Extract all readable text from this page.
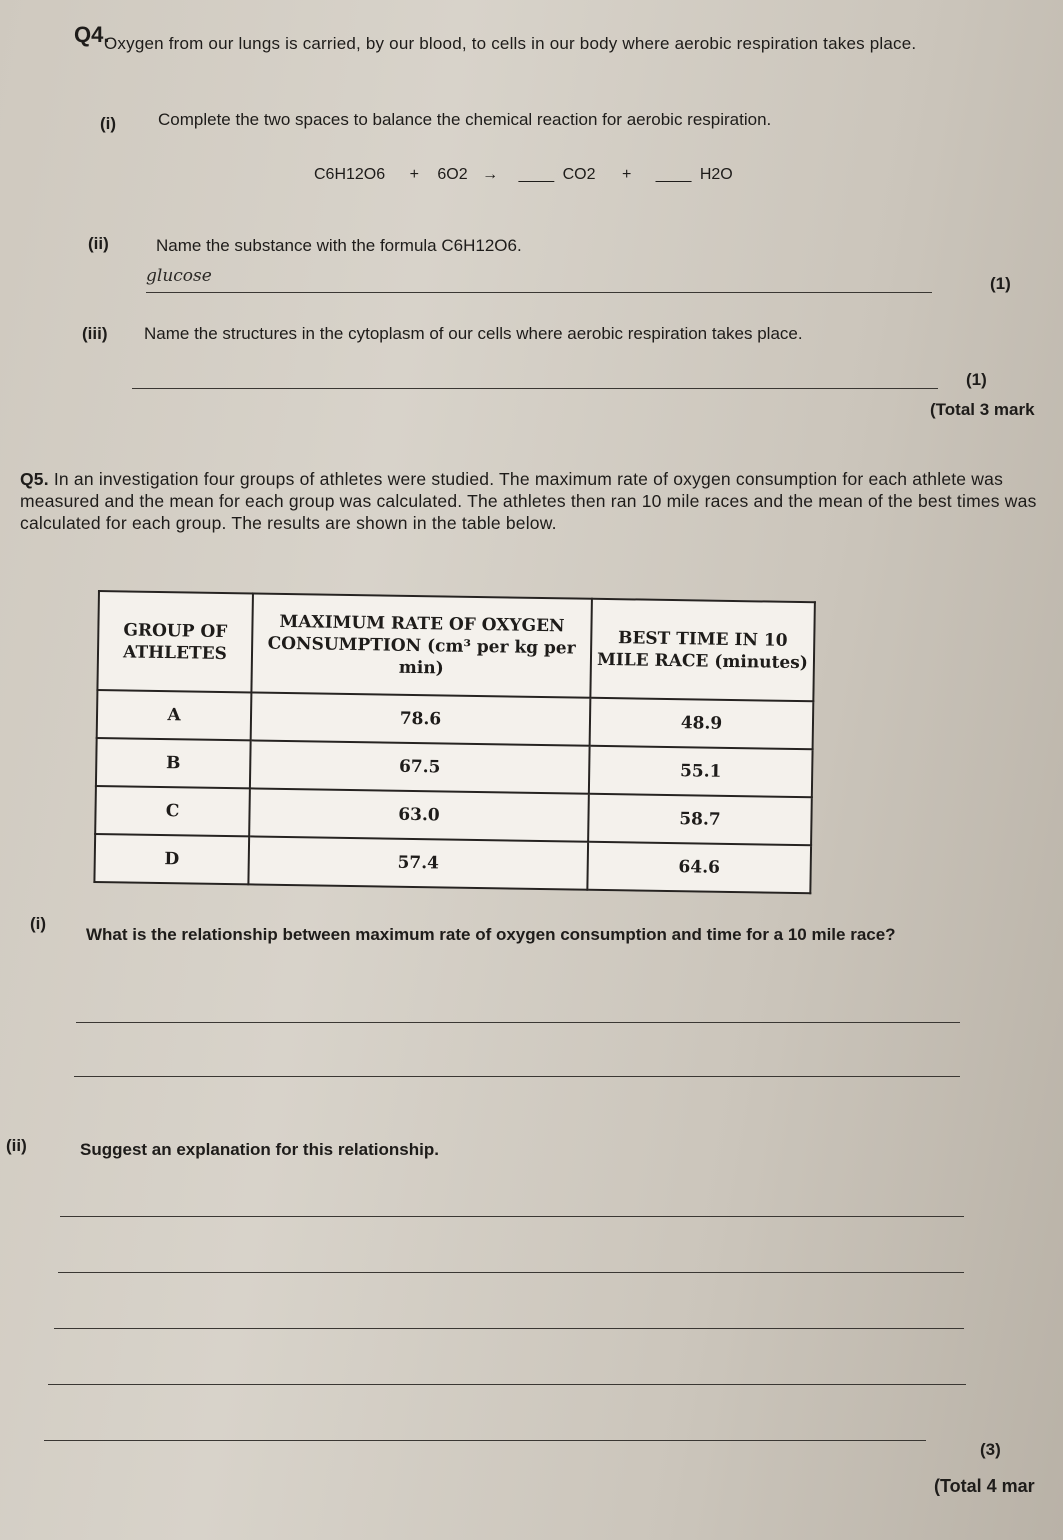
Q4.
Oxygen from our lungs is carried, by our blood, to cells in our body where aerobic respiration takes place.
(i) Complete the two spaces to balance the chemical reaction for aerobic respiration.
C6H12O6 + 6O2 → ____ CO2 + ____ H2O
(ii)	Name the substance with the formula C6H12O6.
glucose	(1)
(iii) Name the structures in the cytoplasm of our cells where aerobic respiration takes place.
(1)
(Total 3 mark
Q5. In an investigation four groups of athletes were studied. The maximum rate of oxygen consumption for each athlete was measured and the mean for each group was calculated. The athletes then ran 10 mile races and the mean of the best times was calculated for each group. The results are shown in the table below.
GROUP OF ATHLETES	MAXIMUM RATE OF OXYGEN CONSUMPTION (cm³ per kg per min)	BEST TIME IN 10 MILE RACE (minutes)
A	78.6	48.9
B	67.5	55.1
C	63.0	58.7
D	57.4	64.6
(i)
What is the relationship between maximum rate of oxygen consumption and time for a 10 mile race?
(ii)	Suggest an explanation for this relationship.
(3)
(Total 4 mar
